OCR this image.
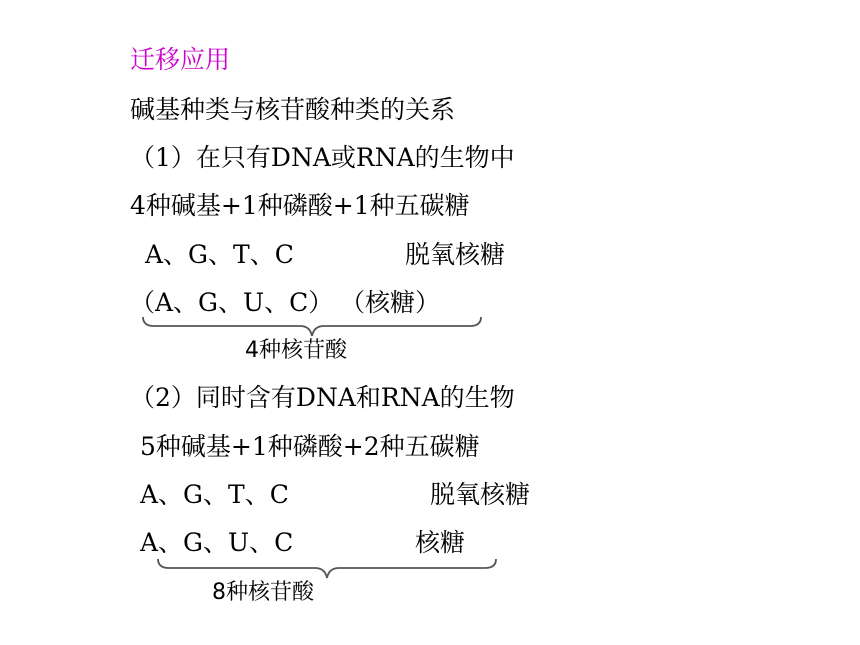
迁移应用
碱基种类与核苷酸种类的关系
（1）在只有DNA或RNA的生物中
4种碱基+1种磷酸+1种五碳糖
A、G、T、C	脱氧核糖
（A、G、U、C） （核糖）
4种核苷酸
（2）同时含有DNA和RNA的生物
5种碱基+1种磷酸+2种五碳糖
A、G、T、C	脱氧核糖
A、G、U、C	核糖
8种核苷酸
